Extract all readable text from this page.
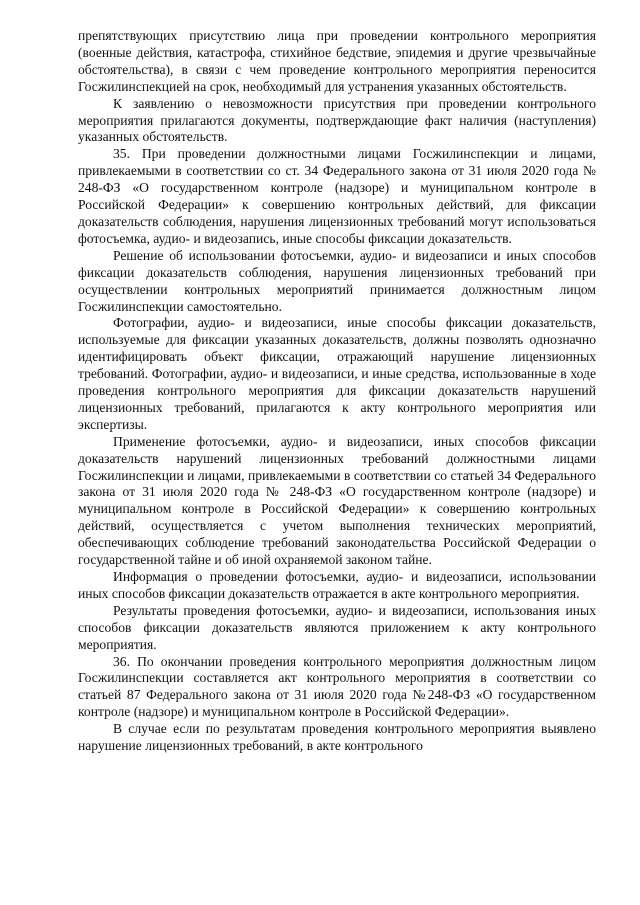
препятствующих присутствию лица при проведении контрольного мероприятия (военные действия, катастрофа, стихийное бедствие, эпидемия и другие чрезвычайные обстоятельства), в связи с чем проведение контрольного мероприятия переносится Госжилинспекцией на срок, необходимый для устранения указанных обстоятельств.

К заявлению о невозможности присутствия при проведении контрольного мероприятия прилагаются документы, подтверждающие факт наличия (наступления) указанных обстоятельств.

35. При проведении должностными лицами Госжилинспекции и лицами, привлекаемыми в соответствии со ст. 34 Федерального закона от 31 июля 2020 года № 248-ФЗ «О государственном контроле (надзоре) и муниципальном контроле в Российской Федерации» к совершению контрольных действий, для фиксации доказательств соблюдения, нарушения лицензионных требований могут использоваться фотосъемка, аудио- и видеозапись, иные способы фиксации доказательств.

Решение об использовании фотосъемки, аудио- и видеозаписи и иных способов фиксации доказательств соблюдения, нарушения лицензионных требований при осуществлении контрольных мероприятий принимается должностным лицом Госжилинспекции самостоятельно.

Фотографии, аудио- и видеозаписи, иные способы фиксации доказательств, используемые для фиксации указанных доказательств, должны позволять однозначно идентифицировать объект фиксации, отражающий нарушение лицензионных требований. Фотографии, аудио- и видеозаписи, и иные средства, использованные в ходе проведения контрольного мероприятия для фиксации доказательств нарушений лицензионных требований, прилагаются к акту контрольного мероприятия или экспертизы.

Применение фотосъемки, аудио- и видеозаписи, иных способов фиксации доказательств нарушений лицензионных требований должностными лицами Госжилинспекции и лицами, привлекаемыми в соответствии со статьей 34 Федерального закона от 31 июля 2020 года № 248-ФЗ «О государственном контроле (надзоре) и муниципальном контроле в Российской Федерации» к совершению контрольных действий, осуществляется с учетом выполнения технических мероприятий, обеспечивающих соблюдение требований законодательства Российской Федерации о государственной тайне и об иной охраняемой законом тайне.

Информация о проведении фотосъемки, аудио- и видеозаписи, использовании иных способов фиксации доказательств отражается в акте контрольного мероприятия.

Результаты проведения фотосъемки, аудио- и видеозаписи, использования иных способов фиксации доказательств являются приложением к акту контрольного мероприятия.

36. По окончании проведения контрольного мероприятия должностным лицом Госжилинспекции составляется акт контрольного мероприятия в соответствии со статьей 87 Федерального закона от 31 июля 2020 года №248-ФЗ «О государственном контроле (надзоре) и муниципальном контроле в Российской Федерации».

В случае если по результатам проведения контрольного мероприятия выявлено нарушение лицензионных требований, в акте контрольного
